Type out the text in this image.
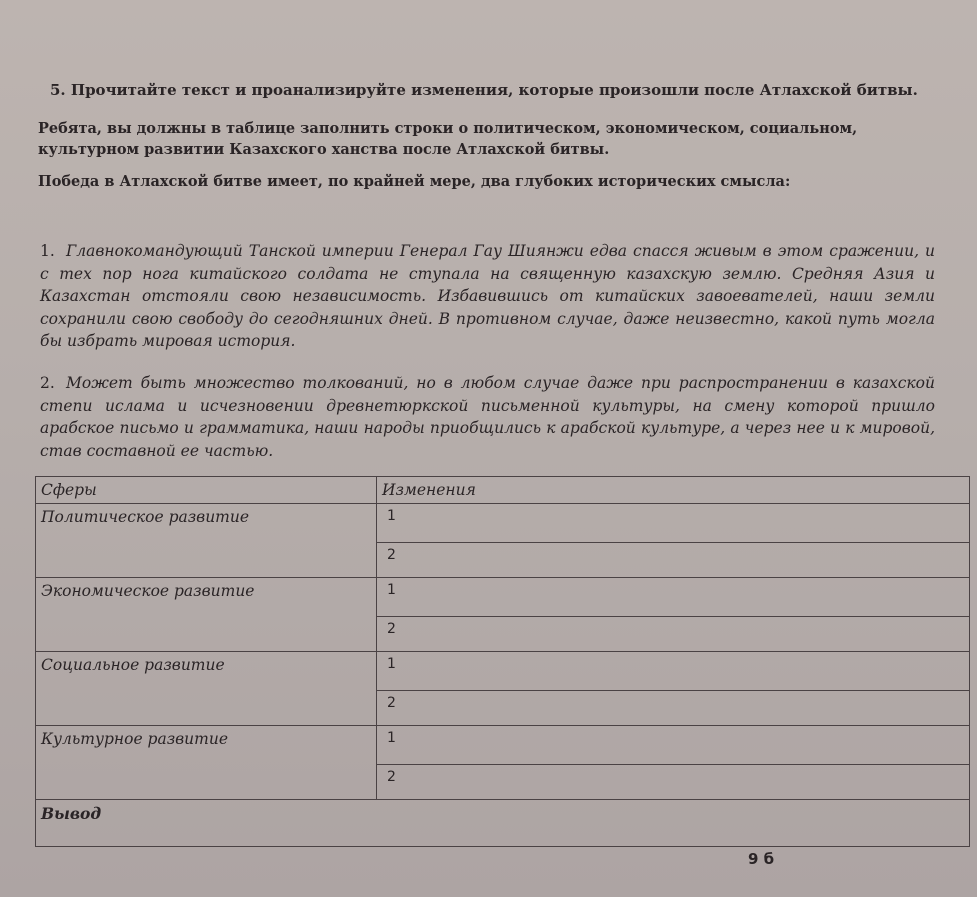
5. Прочитайте текст и проанализируйте изменения, которые произошли после Атлахской битвы.
Ребята, вы должны в таблице заполнить строки о политическом, экономическом, социальном, культурном развитии Казахского ханства после Атлахской битвы.
Победа в Атлахской битве имеет, по крайней мере, два глубоких исторических смысла:
1. Главнокомандующий Танской империи Генерал Гау Шиянжи едва спасся живым в этом сражении, и с тех пор нога китайского солдата не ступала на священную казахскую землю. Средняя Азия и Казахстан отстояли свою независимость. Избавившись от китайских завоевателей, наши земли сохранили свою свободу до сегодняшних дней. В противном случае, даже неизвестно, какой путь могла бы избрать мировая история.
2. Может быть множество толкований, но в любом случае даже при распространении в казахской степи ислама и исчезновении древнетюркской письменной культуры, на смену которой пришло арабское письмо и грамматика, наши народы приобщились к арабской культуре, а через нее и к мировой, став составной ее частью.
Сферы	Изменения
Политическое развитие	1
	2
Экономическое развитие	1
	2
Социальное развитие	1
	2
Культурное развитие	1
	2
Вывод	
9 б
